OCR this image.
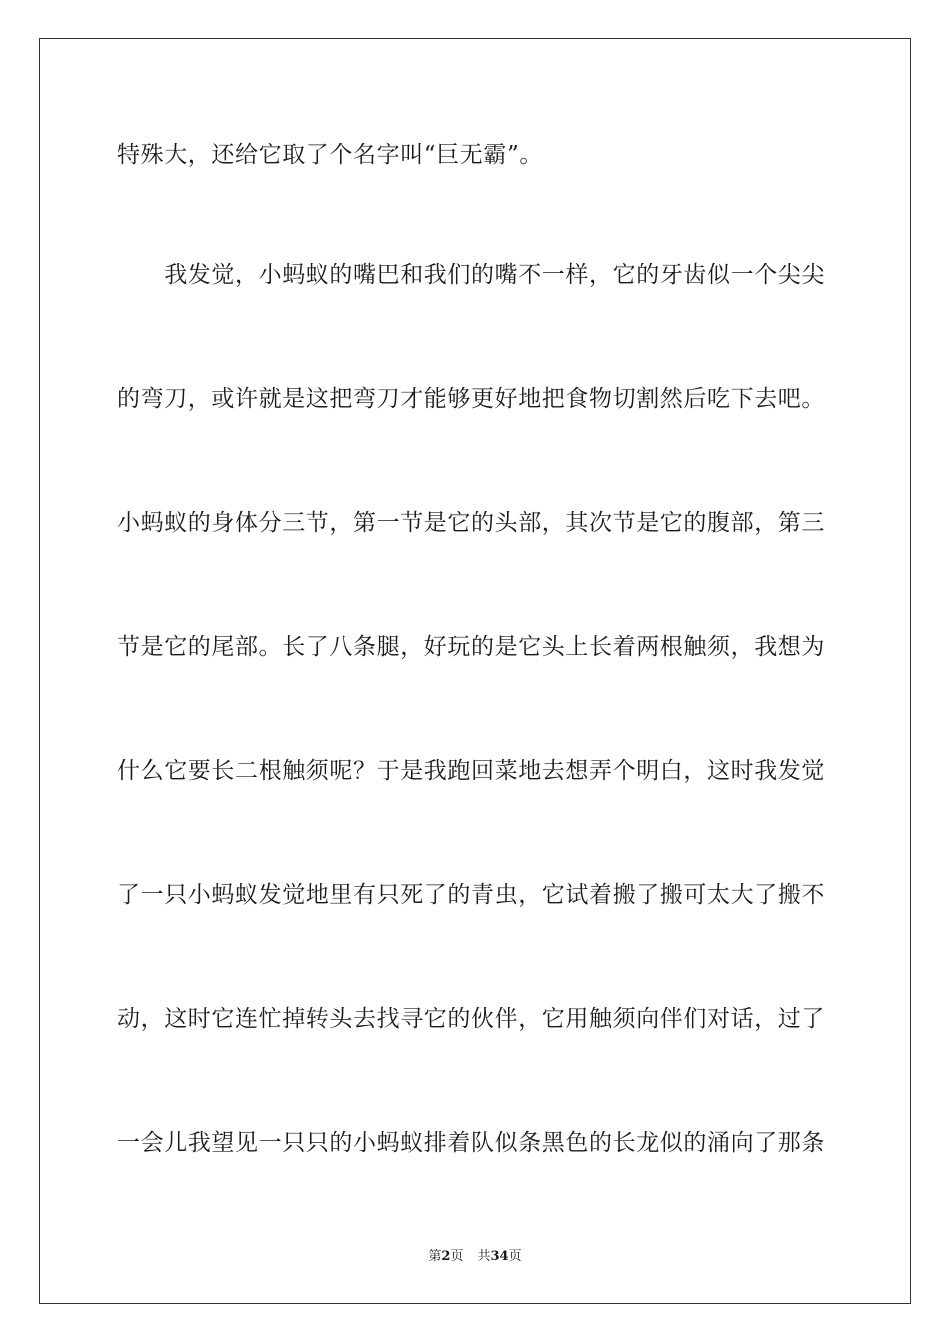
特殊大，还给它取了个名字叫“巨无霸”。
　　我发觉，小蚂蚁的嘴巴和我们的嘴不一样，它的牙齿似一个尖尖
的弯刀，或许就是这把弯刀才能够更好地把食物切割然后吃下去吧。
小蚂蚁的身体分三节，第一节是它的头部，其次节是它的腹部，第三
节是它的尾部。长了八条腿，好玩的是它头上长着两根触须，我想为
什么它要长二根触须呢？于是我跑回菜地去想弄个明白，这时我发觉
了一只小蚂蚁发觉地里有只死了的青虫，它试着搬了搬可太大了搬不
动，这时它连忙掉转头去找寻它的伙伴，它用触须向伴们对话，过了
一会儿我望见一只只的小蚂蚁排着队似条黑色的长龙似的涌向了那条
第2页 共34页
